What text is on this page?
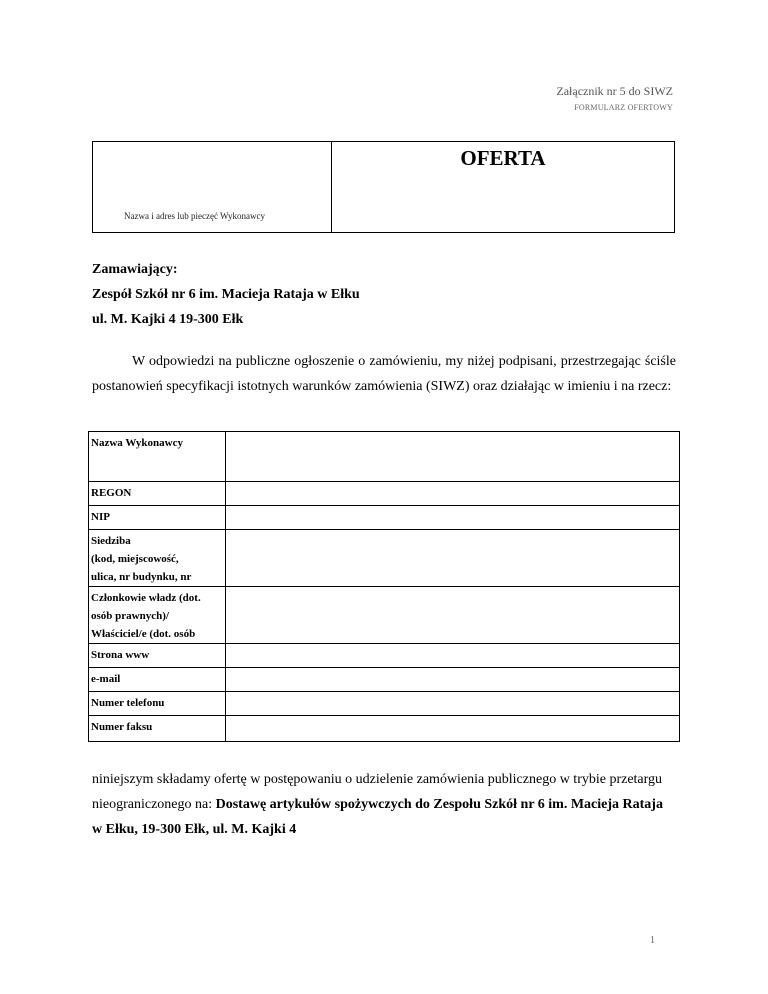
Załącznik nr 5 do SIWZ
FORMULARZ OFERTOWY
Nazwa i adres lub pieczęć Wykonawcy
OFERTA
Zamawiający:
Zespół Szkół nr 6 im. Macieja Rataja w Ełku
ul. M. Kajki 4 19-300 Ełk

W odpowiedzi na publiczne ogłoszenie o zamówieniu, my niżej podpisani, przestrzegając ściśle postanowień specyfikacji istotnych warunków zamówienia (SIWZ) oraz działając w imieniu i na rzecz:

Nazwa Wykonawcy	

REGON	

NIP	

Siedziba
(kod, miejscowość,
ulica, nr budynku, nr	

Członkowie władz (dot.
osób prawnych)/
Właściciel/e (dot. osób	

Strona www	

e-mail	

Numer telefonu	

Numer faksu	

niniejszym składamy ofertę w postępowaniu o udzielenie zamówienia publicznego w trybie przetargu nieograniczonego na: Dostawę artykułów spożywczych do Zespołu Szkół nr 6 im. Macieja Rataja w Ełku, 19-300 Ełk, ul. M. Kajki 4

1
